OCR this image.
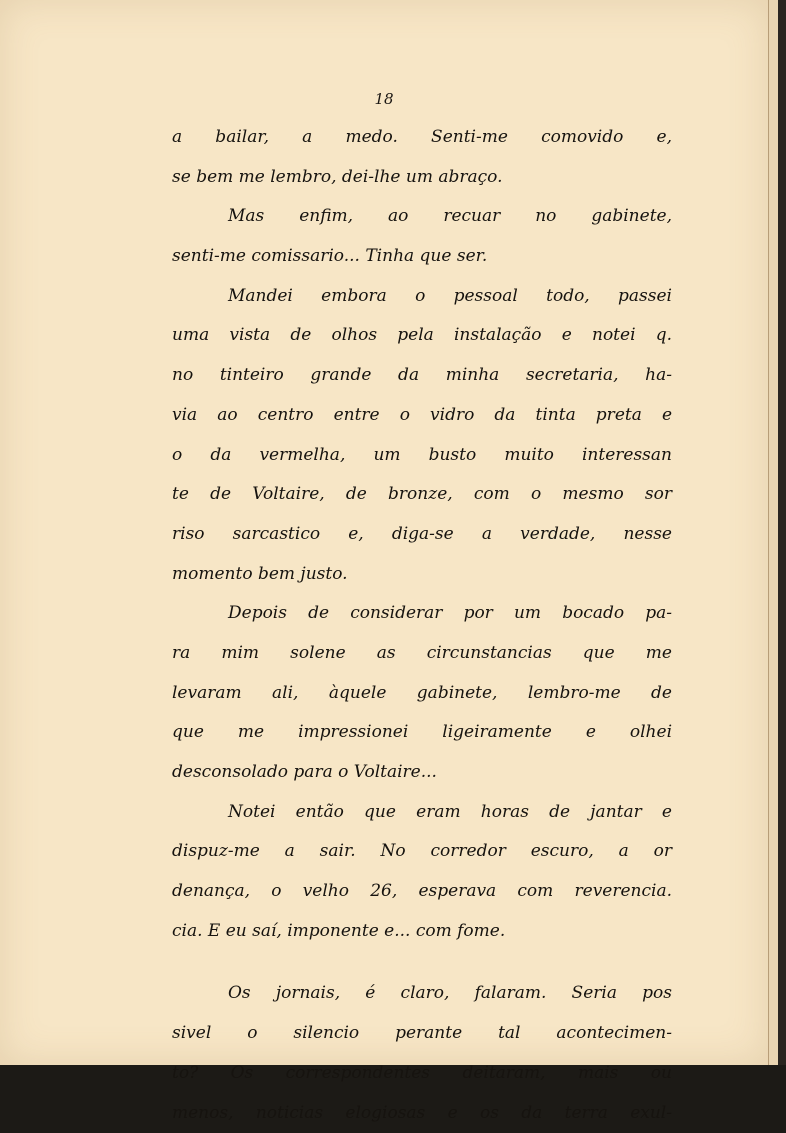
18
a bailar, a medo. Senti-me comovido e,
se bem me lembro, dei-lhe um abraço.
Mas enfim, ao recuar no gabinete,
senti-me comissario... Tinha que ser.
Mandei embora o pessoal todo, passei
uma vista de olhos pela instalação e notei q.
no tinteiro grande da minha secretaria, ha-
via ao centro entre o vidro da tinta preta e
o da vermelha, um busto muito interessan
te de Voltaire, de bronze, com o mesmo sor
riso sarcastico e, diga-se a verdade, nesse
momento bem justo.
Depois de considerar por um bocado pa-
ra mim solene as circunstancias que me
levaram ali, àquele gabinete, lembro-me de
que me impressionei ligeiramente e olhei
desconsolado para o Voltaire...
Notei então que eram horas de jantar e
dispuz-me a sair. No corredor escuro, a or
denança, o velho 26, esperava com reverencia.
cia. E eu saí, imponente e... com fome.
Os jornais, é claro, falaram. Seria pos
sivel o silencio perante tal acontecimen-
to? Os correspondentes deitaram, mais ou
menos, noticias elogiosas e os da terra exul-
